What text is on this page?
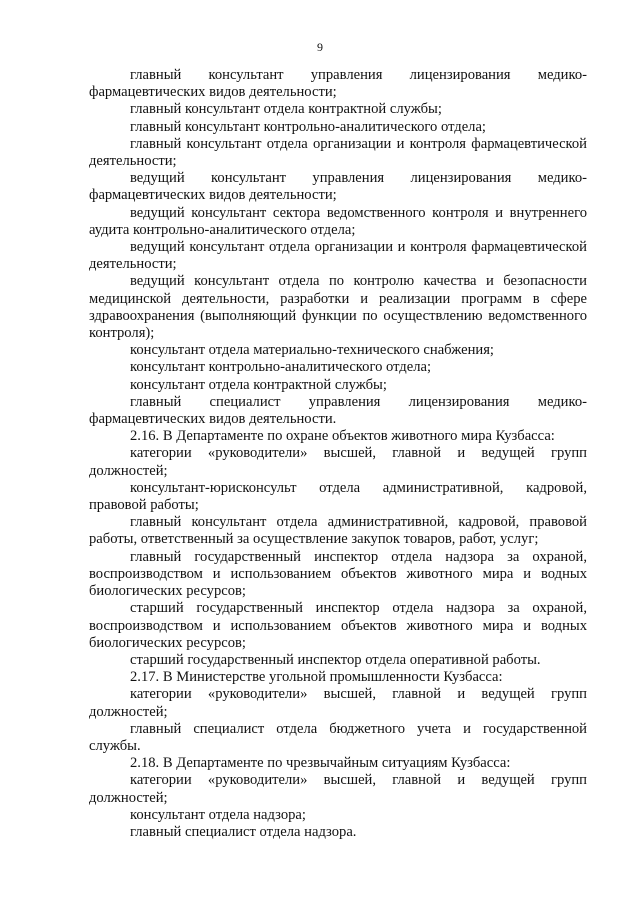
9

главный консультант управления лицензирования медико-фармацевтических видов деятельности;

главный консультант отдела контрактной службы;

главный консультант контрольно-аналитического отдела;

главный консультант отдела организации и контроля фармацевтической деятельности;

ведущий консультант управления лицензирования медико-фармацевтических видов деятельности;

ведущий консультант сектора ведомственного контроля и внутреннего аудита контрольно-аналитического отдела;

ведущий консультант отдела организации и контроля фармацевтической деятельности;

ведущий консультант отдела по контролю качества и безопасности медицинской деятельности, разработки и реализации программ в сфере здравоохранения (выполняющий функции по осуществлению ведомственного контроля);

консультант отдела материально-технического снабжения;

консультант контрольно-аналитического отдела;

консультант отдела контрактной службы;

главный специалист управления лицензирования медико-фармацевтических видов деятельности.

2.16. В Департаменте по охране объектов животного мира Кузбасса:

категории «руководители» высшей, главной и ведущей групп должностей;

консультант-юрисконсульт отдела административной, кадровой, правовой работы;

главный консультант отдела административной, кадровой, правовой работы, ответственный за осуществление закупок товаров, работ, услуг;

главный государственный инспектор отдела надзора за охраной, воспроизводством и использованием объектов животного мира и водных биологических ресурсов;

старший государственный инспектор отдела надзора за охраной, воспроизводством и использованием объектов животного мира и водных биологических ресурсов;

старший государственный инспектор отдела оперативной работы.

2.17. В Министерстве угольной промышленности Кузбасса:

категории «руководители» высшей, главной и ведущей групп должностей;

главный специалист отдела бюджетного учета и государственной службы.

2.18. В Департаменте по чрезвычайным ситуациям Кузбасса:

категории «руководители» высшей, главной и ведущей групп должностей;

консультант отдела надзора;

главный специалист отдела надзора.
